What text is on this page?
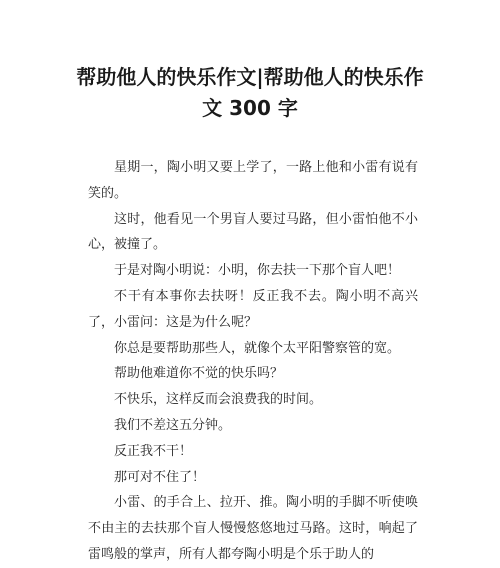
帮助他人的快乐作文|帮助他人的快乐作
文 300 字

星期一，陶小明又要上学了，一路上他和小雷有说有笑的。

这时，他看见一个男盲人要过马路，但小雷怕他不小心，被撞了。

于是对陶小明说：小明，你去扶一下那个盲人吧！

不干有本事你去扶呀！反正我不去。陶小明不高兴了，小雷问：这是为什么呢？

你总是要帮助那些人，就像个太平阳警察管的宽。

帮助他难道你不觉的快乐吗？

不快乐，这样反而会浪费我的时间。

我们不差这五分钟。

反正我不干！

那可对不住了！

小雷、的手合上、拉开、推。陶小明的手脚不听使唤不由主的去扶那个盲人慢慢悠悠地过马路。这时，响起了雷鸣般的掌声，所有人都夸陶小明是个乐于助人的
